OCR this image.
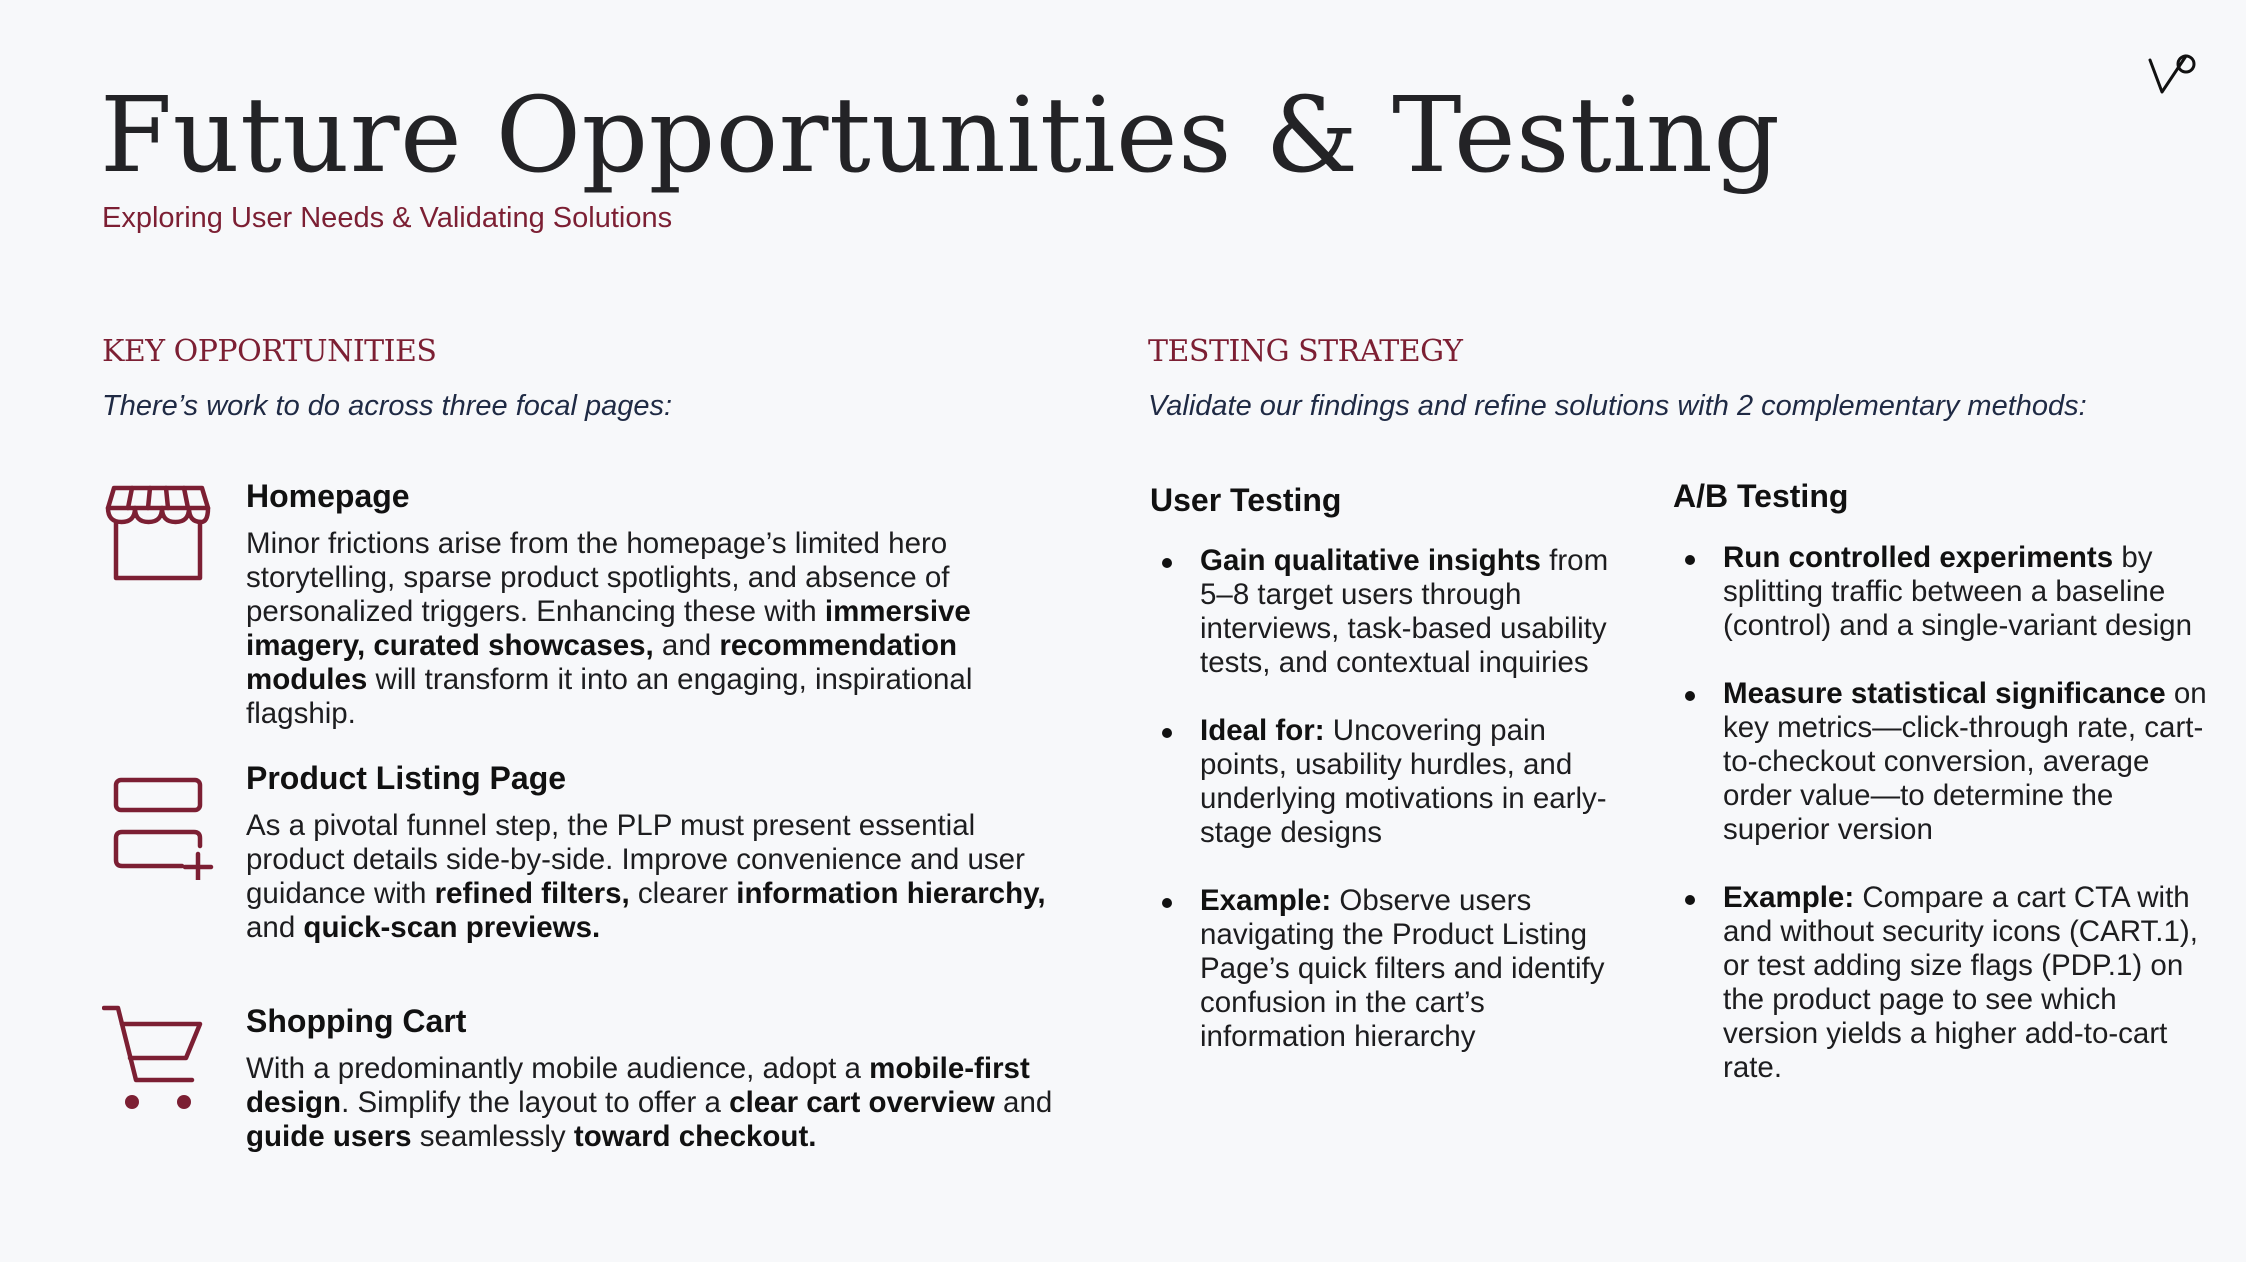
Future Opportunities & Testing
Exploring User Needs & Validating Solutions
KEY OPPORTUNITIES
There’s work to do across three focal pages:
Homepage
Minor frictions arise from the homepage’s limited hero storytelling, sparse product spotlights, and absence of personalized triggers. Enhancing these with immersive imagery, curated showcases, and recommendation modules will transform it into an engaging, inspirational flagship.
Product Listing Page
As a pivotal funnel step, the PLP must present essential product details side-by-side. Improve convenience and user guidance with refined filters, clearer information hierarchy, and quick-scan previews.
Shopping Cart
With a predominantly mobile audience, adopt a mobile-first design. Simplify the layout to offer a clear cart overview and guide users seamlessly toward checkout.
TESTING STRATEGY
Validate our findings and refine solutions with 2 complementary methods:
User Testing
Gain qualitative insights from 5–8 target users through interviews, task-based usability tests, and contextual inquiries
Ideal for: Uncovering pain points, usability hurdles, and underlying motivations in early-stage designs
Example: Observe users navigating the Product Listing Page’s quick filters and identify confusion in the cart’s information hierarchy
A/B Testing
Run controlled experiments by splitting traffic between a baseline (control) and a single-variant design
Measure statistical significance on key metrics—click-through rate, cart-to-checkout conversion, average order value—to determine the superior version
Example: Compare a cart CTA with and without security icons (CART.1), or test adding size flags (PDP.1) on the product page to see which version yields a higher add-to-cart rate.
